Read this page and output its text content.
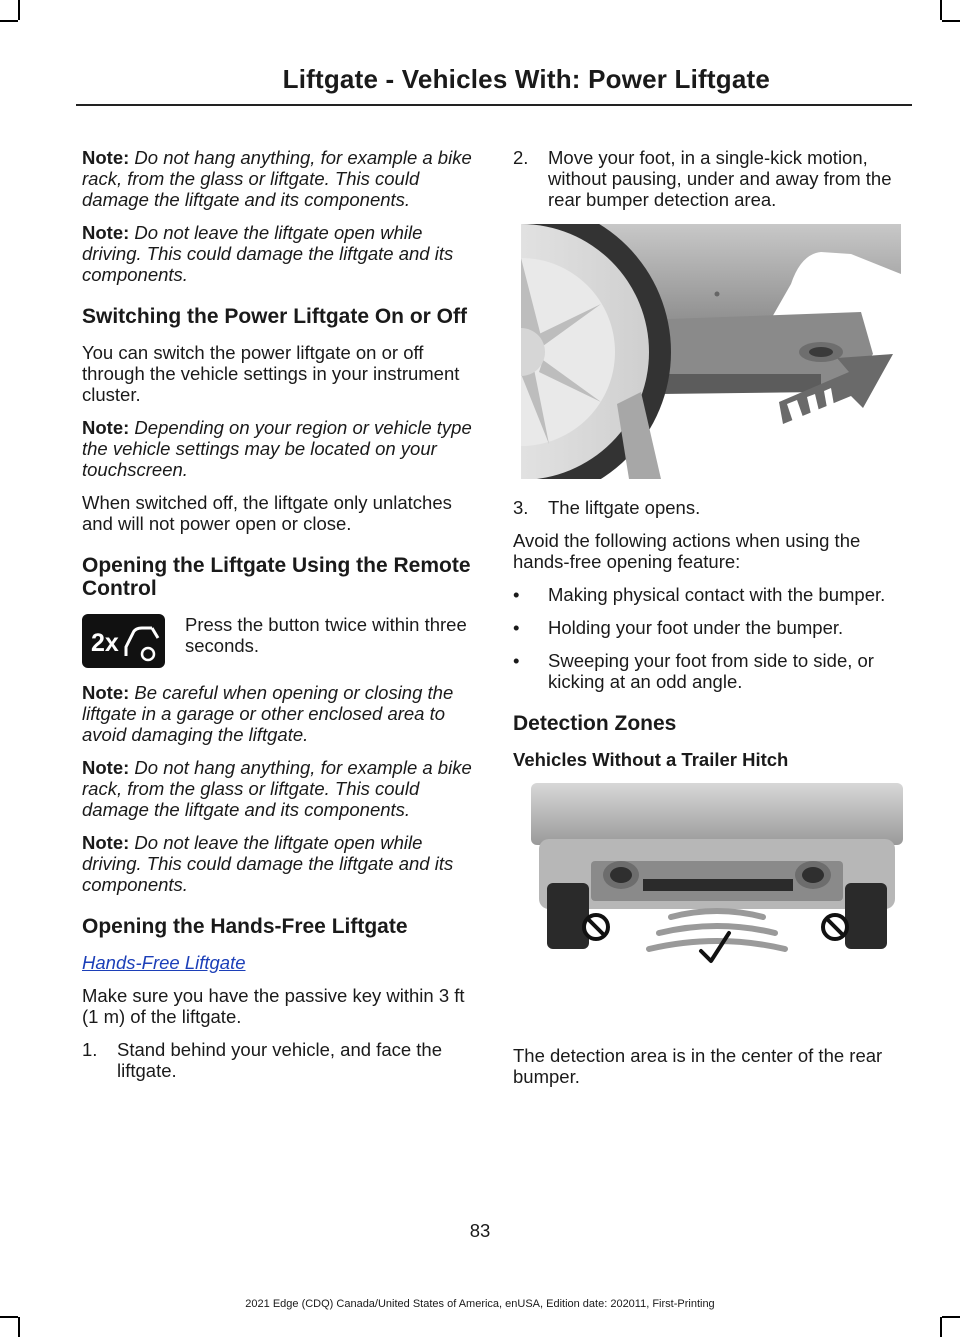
Liftgate - Vehicles With: Power Liftgate

Note: Do not hang anything, for example a bike rack, from the glass or liftgate. This could damage the liftgate and its components.

Note: Do not leave the liftgate open while driving. This could damage the liftgate and its components.

Switching the Power Liftgate On or Off

You can switch the power liftgate on or off through the vehicle settings in your instrument cluster.

Note: Depending on your region or vehicle type the vehicle settings may be located on your touchscreen.

When switched off, the liftgate only unlatches and will not power open or close.

Opening the Liftgate Using the Remote Control
2x

Press the button twice within three seconds.

Note: Be careful when opening or closing the liftgate in a garage or other enclosed area to avoid damaging the liftgate.

Note: Do not hang anything, for example a bike rack, from the glass or liftgate. This could damage the liftgate and its components.

Note: Do not leave the liftgate open while driving. This could damage the liftgate and its components.

Opening the Hands-Free Liftgate

Hands-Free Liftgate

Make sure you have the passive key within 3 ft (1 m) of the liftgate.

1.	Stand behind your vehicle, and face the liftgate.
2.	Move your foot, in a single-kick motion, without pausing, under and away from the rear bumper detection area.
3.	The liftgate opens.

Avoid the following actions when using the hands-free opening feature:

•	Making physical contact with the bumper.
•	Holding your foot under the bumper.
•	Sweeping your foot from side to side, or kicking at an odd angle.
Detection Zones
Vehicles Without a Trailer Hitch

The detection area is in the center of the rear bumper.

83
2021 Edge (CDQ) Canada/United States of America, enUSA, Edition date: 202011, First-Printing
